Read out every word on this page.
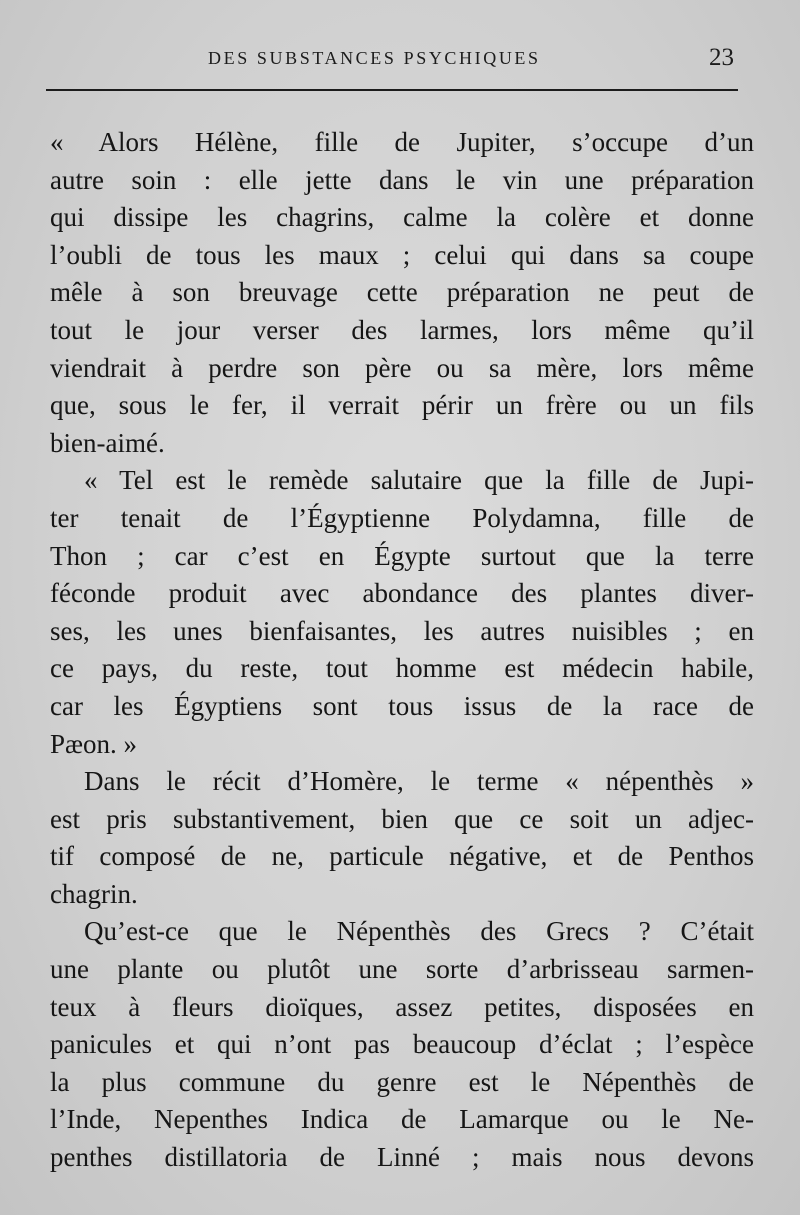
DES SUBSTANCES PSYCHIQUES	23
« Alors Hélène, fille de Jupiter, s’occupe d’un
autre soin : elle jette dans le vin une préparation
qui dissipe les chagrins, calme la colère et donne
l’oubli de tous les maux ; celui qui dans sa coupe
mêle à son breuvage cette préparation ne peut de
tout le jour verser des larmes, lors même qu’il
viendrait à perdre son père ou sa mère, lors même
que, sous le fer, il verrait périr un frère ou un fils
bien-aimé.
« Tel est le remède salutaire que la fille de Jupi-
ter tenait de l’Égyptienne Polydamna, fille de
Thon ; car c’est en Égypte surtout que la terre
féconde produit avec abondance des plantes diver-
ses, les unes bienfaisantes, les autres nuisibles ; en
ce pays, du reste, tout homme est médecin habile,
car les Égyptiens sont tous issus de la race de
Pæon. »
Dans le récit d’Homère, le terme « népenthès »
est pris substantivement, bien que ce soit un adjec-
tif composé de ne, particule négative, et de Penthos
chagrin.
Qu’est-ce que le Népenthès des Grecs ? C’était
une plante ou plutôt une sorte d’arbrisseau sarmen-
teux à fleurs dioïques, assez petites, disposées en
panicules et qui n’ont pas beaucoup d’éclat ; l’espèce
la plus commune du genre est le Népenthès de
l’Inde, Nepenthes Indica de Lamarque ou le Ne-
penthes distillatoria de Linné ; mais nous devons
